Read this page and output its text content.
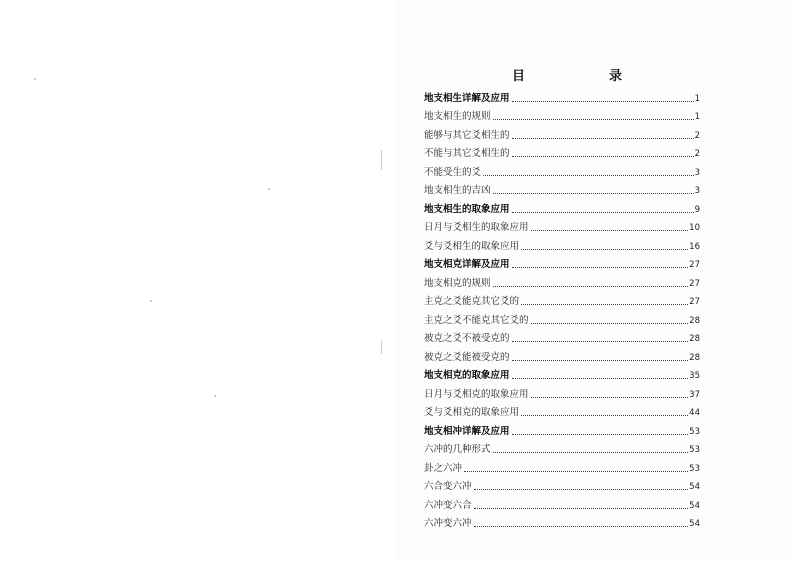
目	录
地支相生详解及应用	1
地支相生的规则	1
能够与其它爻相生的	2
不能与其它爻相生的	2
不能受生的爻	3
地支相生的吉凶	3
地支相生的取象应用	9
日月与爻相生的取象应用	10
爻与爻相生的取象应用	16
地支相克详解及应用	27
地支相克的规则	27
主克之爻能克其它爻的	27
主克之爻不能克其它爻的	28
被克之爻不被受克的	28
被克之爻能被受克的	28
地支相克的取象应用	35
日月与爻相克的取象应用	37
爻与爻相克的取象应用	44
地支相冲详解及应用	53
六冲的几种形式	53
卦之六冲	53
六合变六冲	54
六冲变六合	54
六冲变六冲	54
